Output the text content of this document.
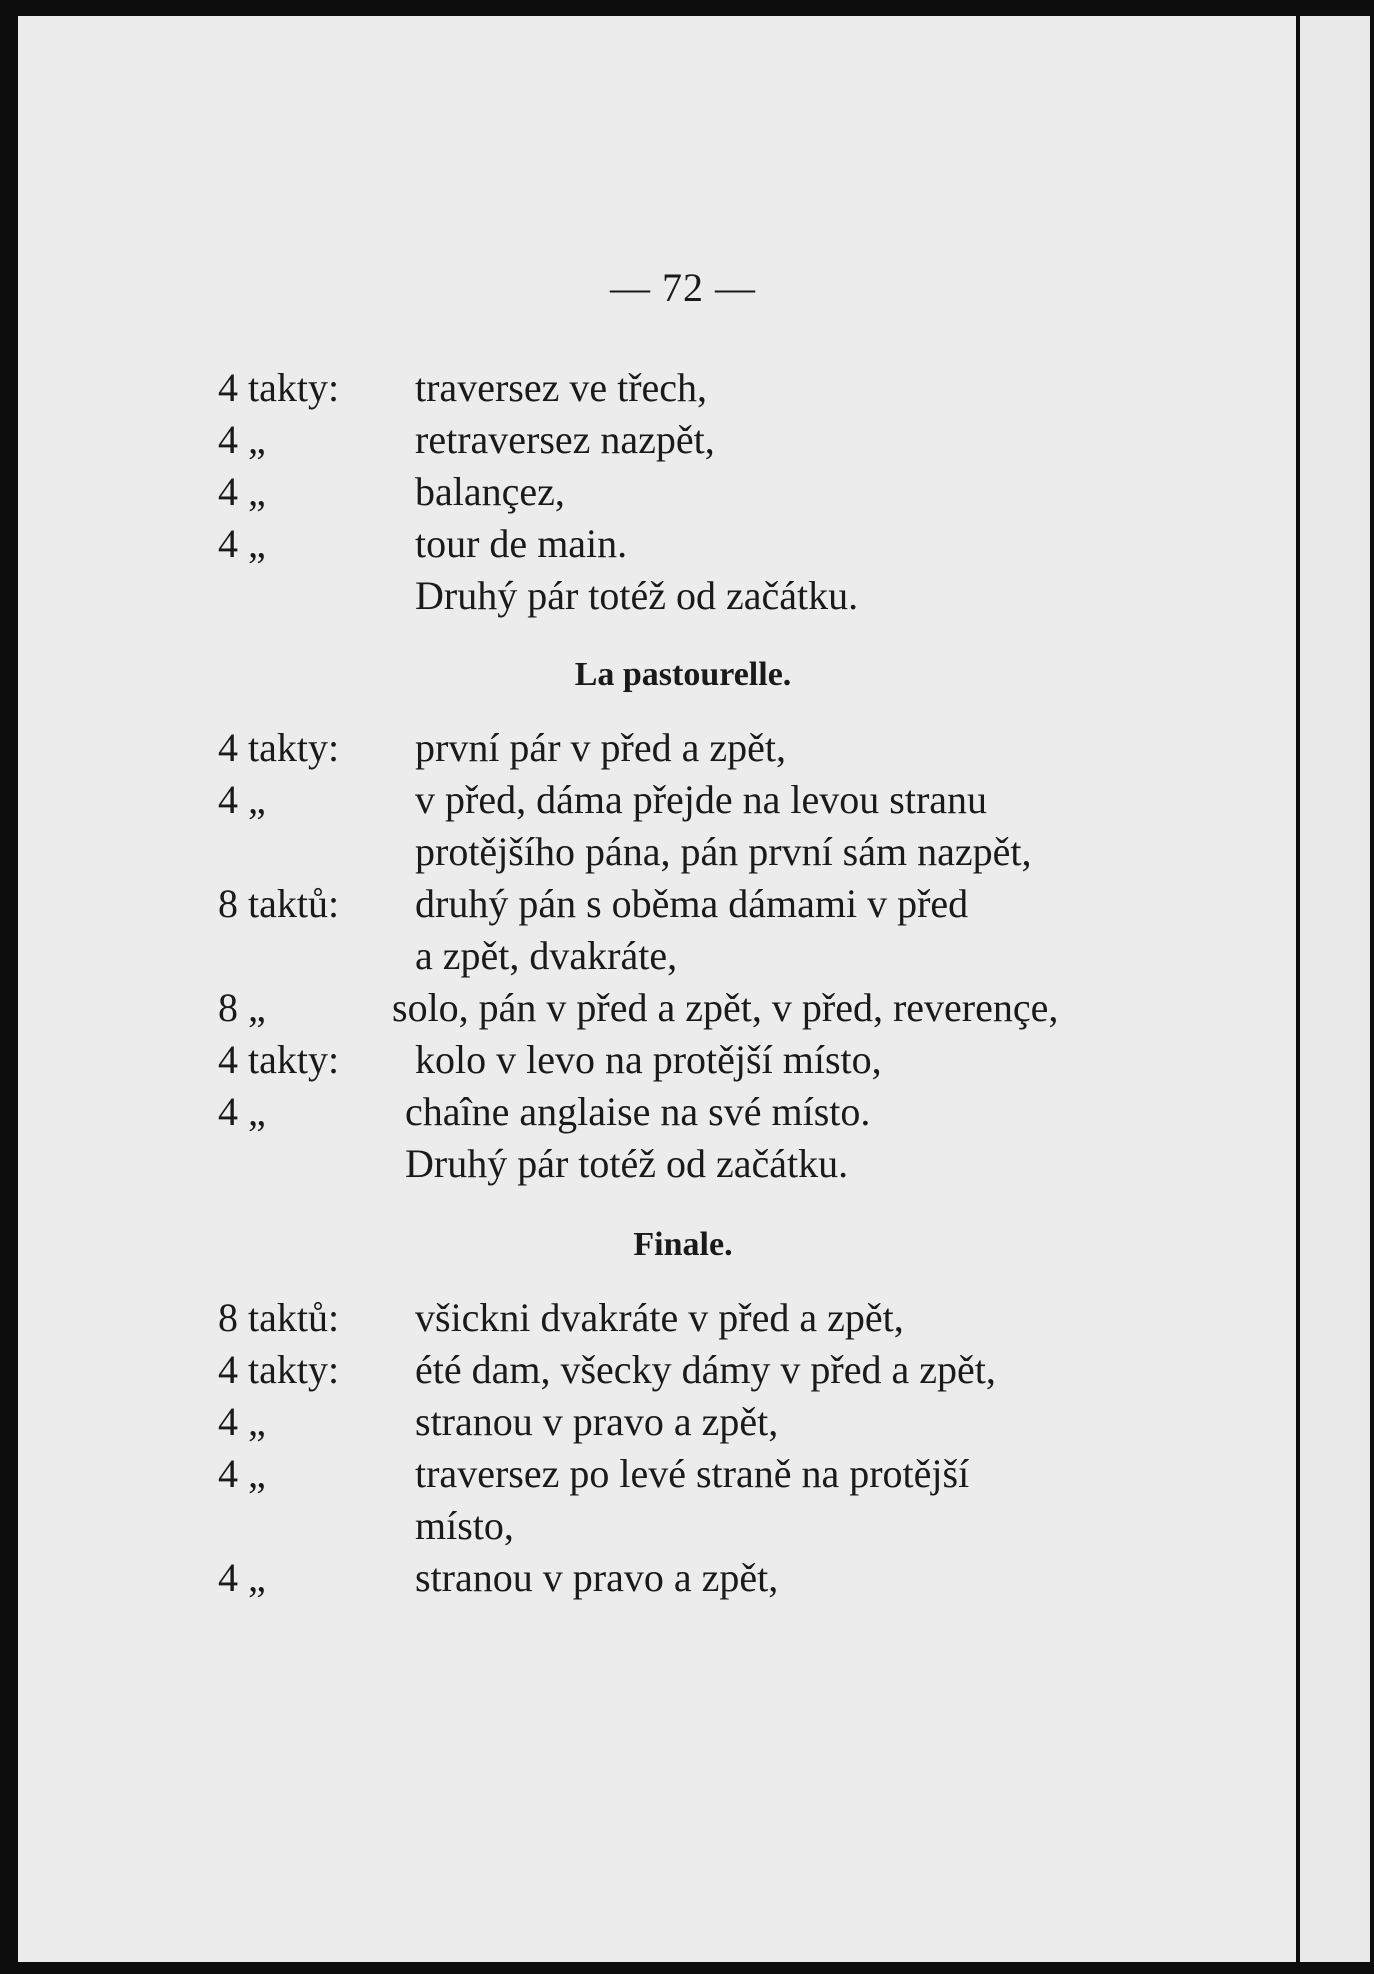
— 72 —
4 takty: traversez ve třech,
4 „	retraversez nazpět,
4 „	balançez,
4 „	tour de main.
Druhý pár totéž od začátku.
La pastourelle.
4 takty: první pár v před a zpět,
4 „	v před, dáma přejde na levou stranu
protějšího pána, pán první sám nazpět,
8 taktů: druhý pán s oběma dámami v před
a zpět, dvakráte,
8 „	solo, pán v před a zpět, v před, reverençe,
4 takty: kolo v levo na protější místo,
4 „	chaîne anglaise na své místo.
Druhý pár totéž od začátku.
Finale.
8 taktů: všickni dvakráte v před a zpět,
4 takty: été dam, všecky dámy v před a zpět,
4 „	stranou v pravo a zpět,
4 „	traversez po levé straně na protější
místo,
4 „	stranou v pravo a zpět,
